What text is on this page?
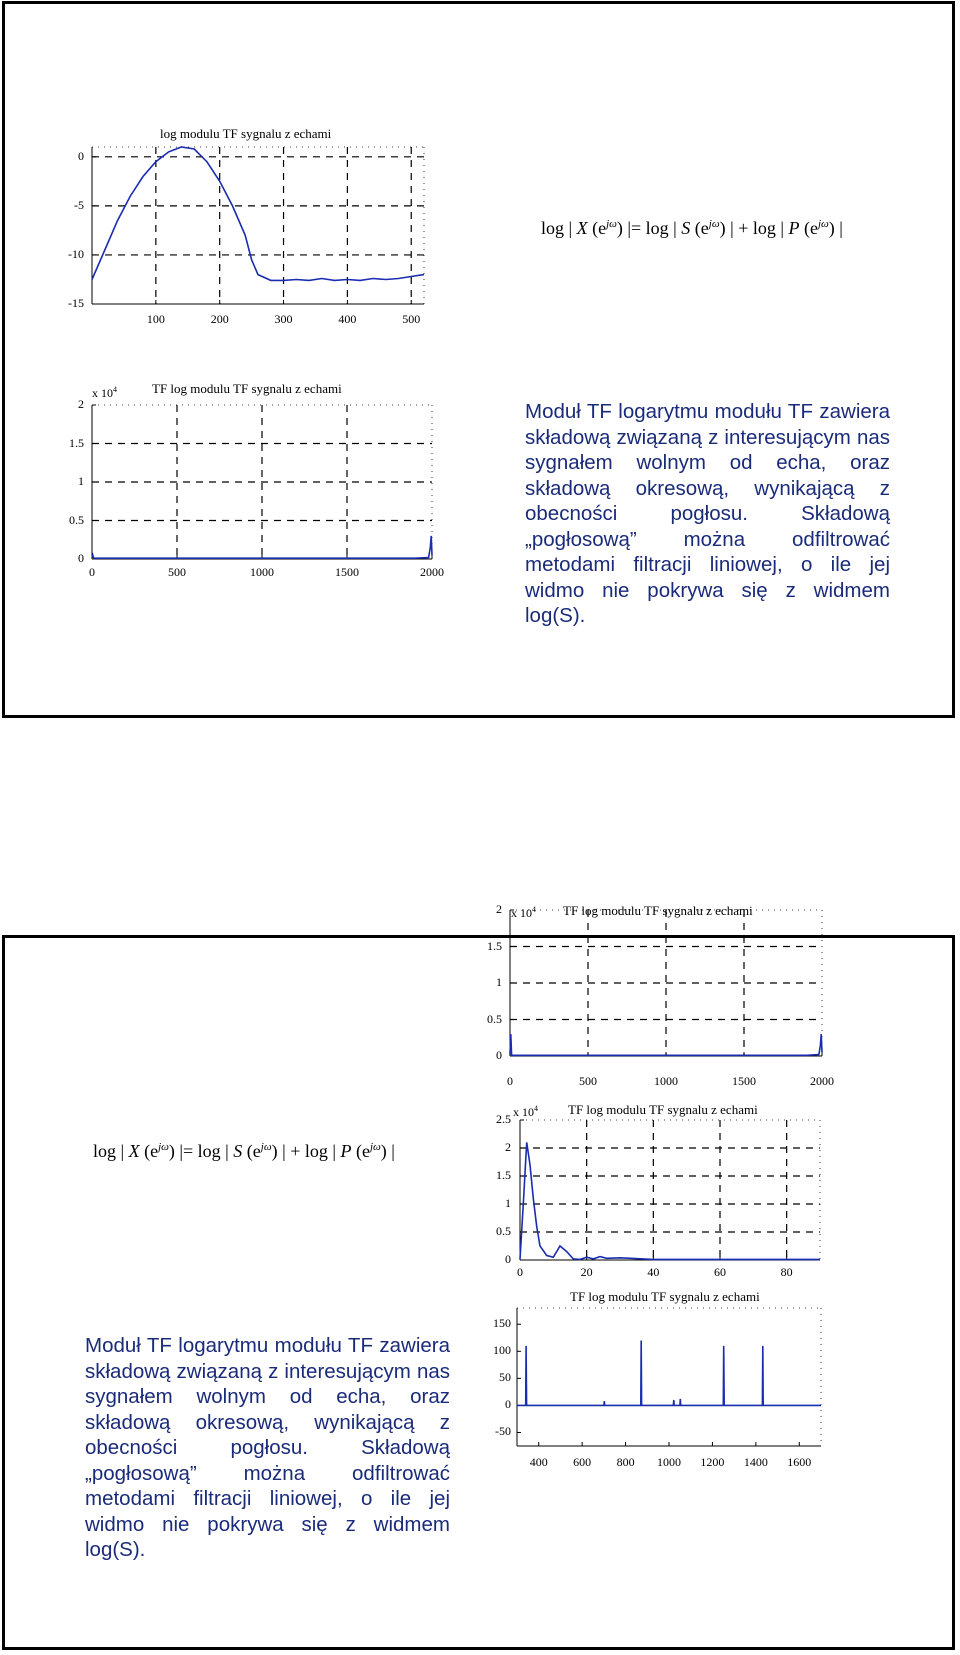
log modulu TF sygnalu z echami
100	200	300	400	500
0
-5
-10
-15
log | X $(e^{j\omega})$ |= log | S $(e^{j\omega})$ | + log | P $(e^{j\omega})$ |
TF log modulu TF sygnalu z echami
0	500	1000	1500	2000
2
1.5
1
0.5
0
x $10^4$

Moduł TF logarytmu modułu TF zawiera składową związaną z interesującym nas sygnałem wolnym od echa, oraz składową okresową, wynikającą z obecności pogłosu. Składową „pogłosową” można odfiltrować metodami filtracji liniowej, o ile jej widmo nie pokrywa się z widmem log(S).

log | X $(e^{j\omega})$ |= log | S $(e^{j\omega})$ | + log | P $(e^{j\omega})$ |

Moduł TF logarytmu modułu TF zawiera składową związaną z interesującym nas sygnałem wolnym od echa, oraz składową okresową, wynikającą z obecności pogłosu. Składową „pogłosową” można odfiltrować metodami filtracji liniowej, o ile jej widmo nie pokrywa się z widmem log(S).

TF log modulu TF sygnalu z echami
0	500	1000	1500	2000
2
1.5
1
0.5
0
x $10^4$
TF log modulu TF sygnalu z echami
0	20	40	60	80
2.5
2
1.5
1
0.5
0
x $10^4$
TF log modulu TF sygnalu z echami
400	600	800	1000	1200	1400	1600
150
100
50
0
-50
